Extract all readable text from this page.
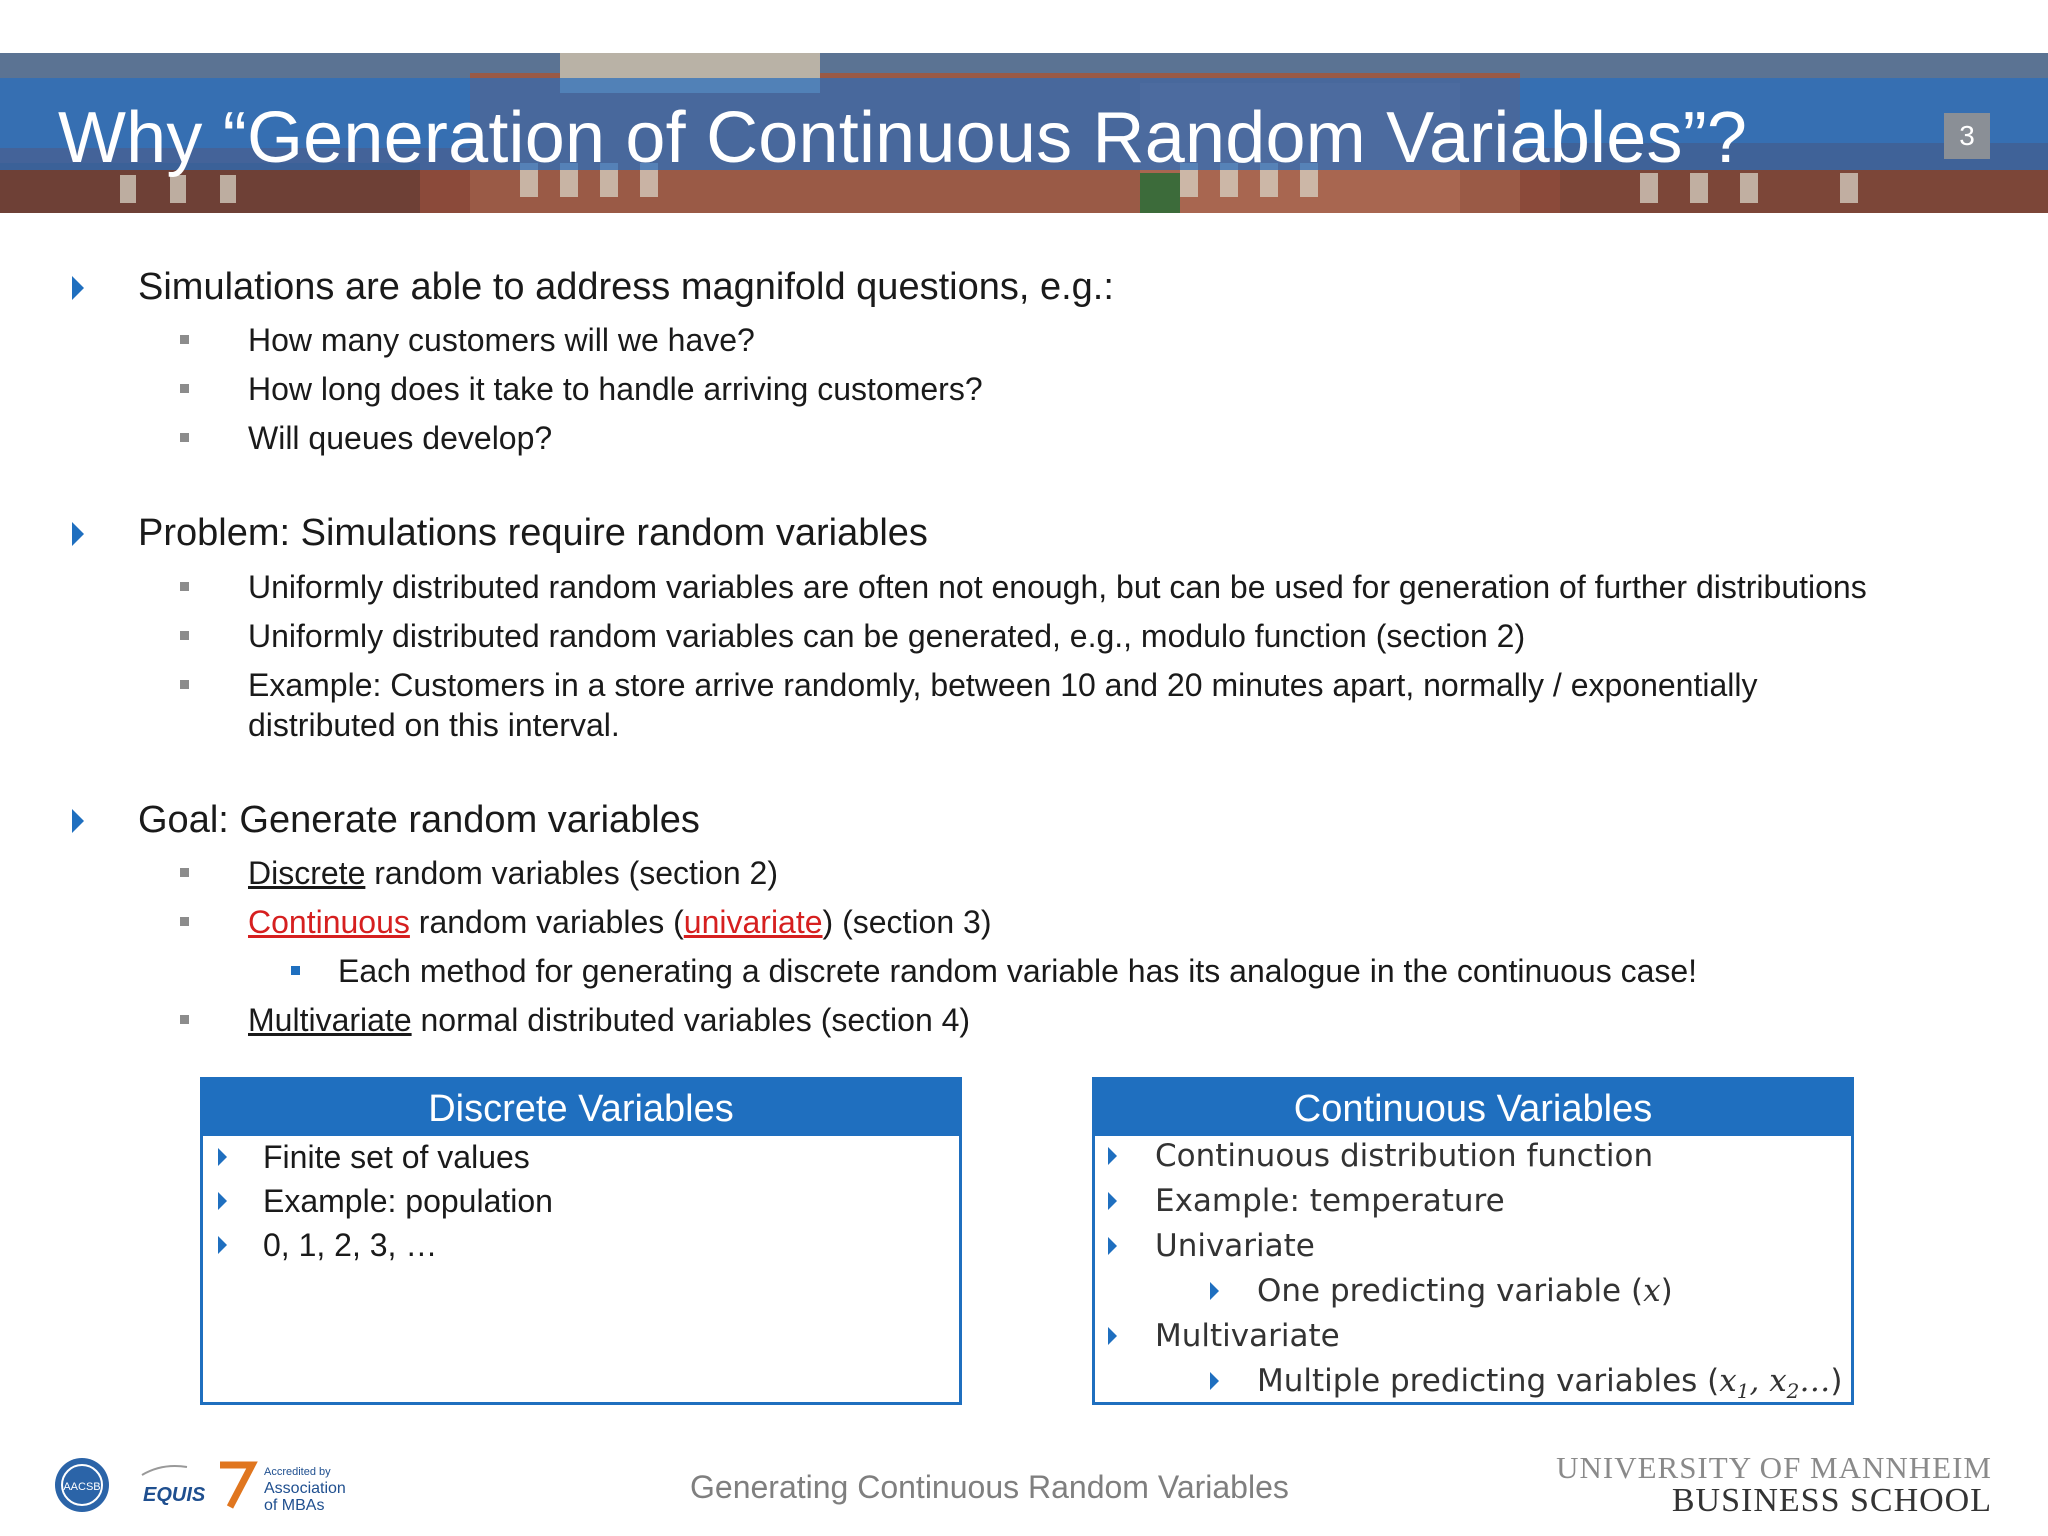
Why “Generation of Continuous Random Variables”?	3
Simulations are able to address magnifold questions, e.g.:
How many customers will we have?
How long does it take to handle arriving customers?
Will queues develop?
Problem: Simulations require random variables
Uniformly distributed random variables are often not enough, but can be used for generation of further distributions
Uniformly distributed random variables can be generated, e.g., modulo function (section 2)
Example: Customers in a store arrive randomly, between 10 and 20 minutes apart, normally / exponentially
distributed on this interval.
Goal: Generate random variables
Discrete random variables (section 2)
Continuous random variables (univariate) (section 3)
Each method for generating a discrete random variable has its analogue in the continuous case!
Multivariate normal distributed variables (section 4)
Discrete Variables
Finite set of values
Example: population
0, 1, 2, 3, …
Continuous Variables
Continuous distribution function
Example: temperature
Univariate
One predicting variable (x)
Multivariate
Multiple predicting variables ($x_1$, $x_2\dots$)
AACSB EQUIS
Accredited by
Association
of MBAs
Generating Continuous Random Variables
UNIVERSITY OF MANNHEIM
BUSINESS SCHOOL
